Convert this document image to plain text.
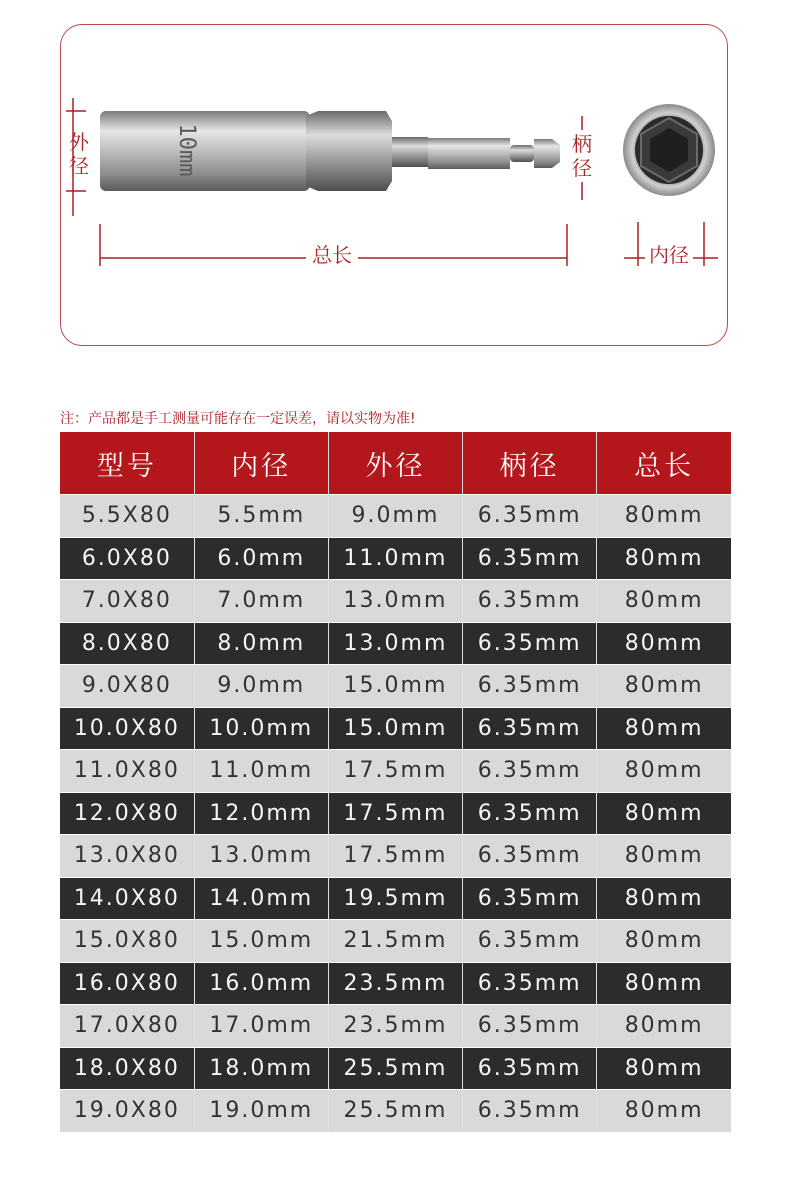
10mm
外径
柄径
总长	内径
注：产品都是手工测量可能存在一定误差，请以实物为准!
型号	内径	外径	柄径	总长
5.5X80	5.5mm	9.0mm	6.35mm	80mm
6.0X80	6.0mm	11.0mm	6.35mm	80mm
7.0X80	7.0mm	13.0mm	6.35mm	80mm
8.0X80	8.0mm	13.0mm	6.35mm	80mm
9.0X80	9.0mm	15.0mm	6.35mm	80mm
10.0X80	10.0mm	15.0mm	6.35mm	80mm
11.0X80	11.0mm	17.5mm	6.35mm	80mm
12.0X80	12.0mm	17.5mm	6.35mm	80mm
13.0X80	13.0mm	17.5mm	6.35mm	80mm
14.0X80	14.0mm	19.5mm	6.35mm	80mm
15.0X80	15.0mm	21.5mm	6.35mm	80mm
16.0X80	16.0mm	23.5mm	6.35mm	80mm
17.0X80	17.0mm	23.5mm	6.35mm	80mm
18.0X80	18.0mm	25.5mm	6.35mm	80mm
19.0X80	19.0mm	25.5mm	6.35mm	80mm
